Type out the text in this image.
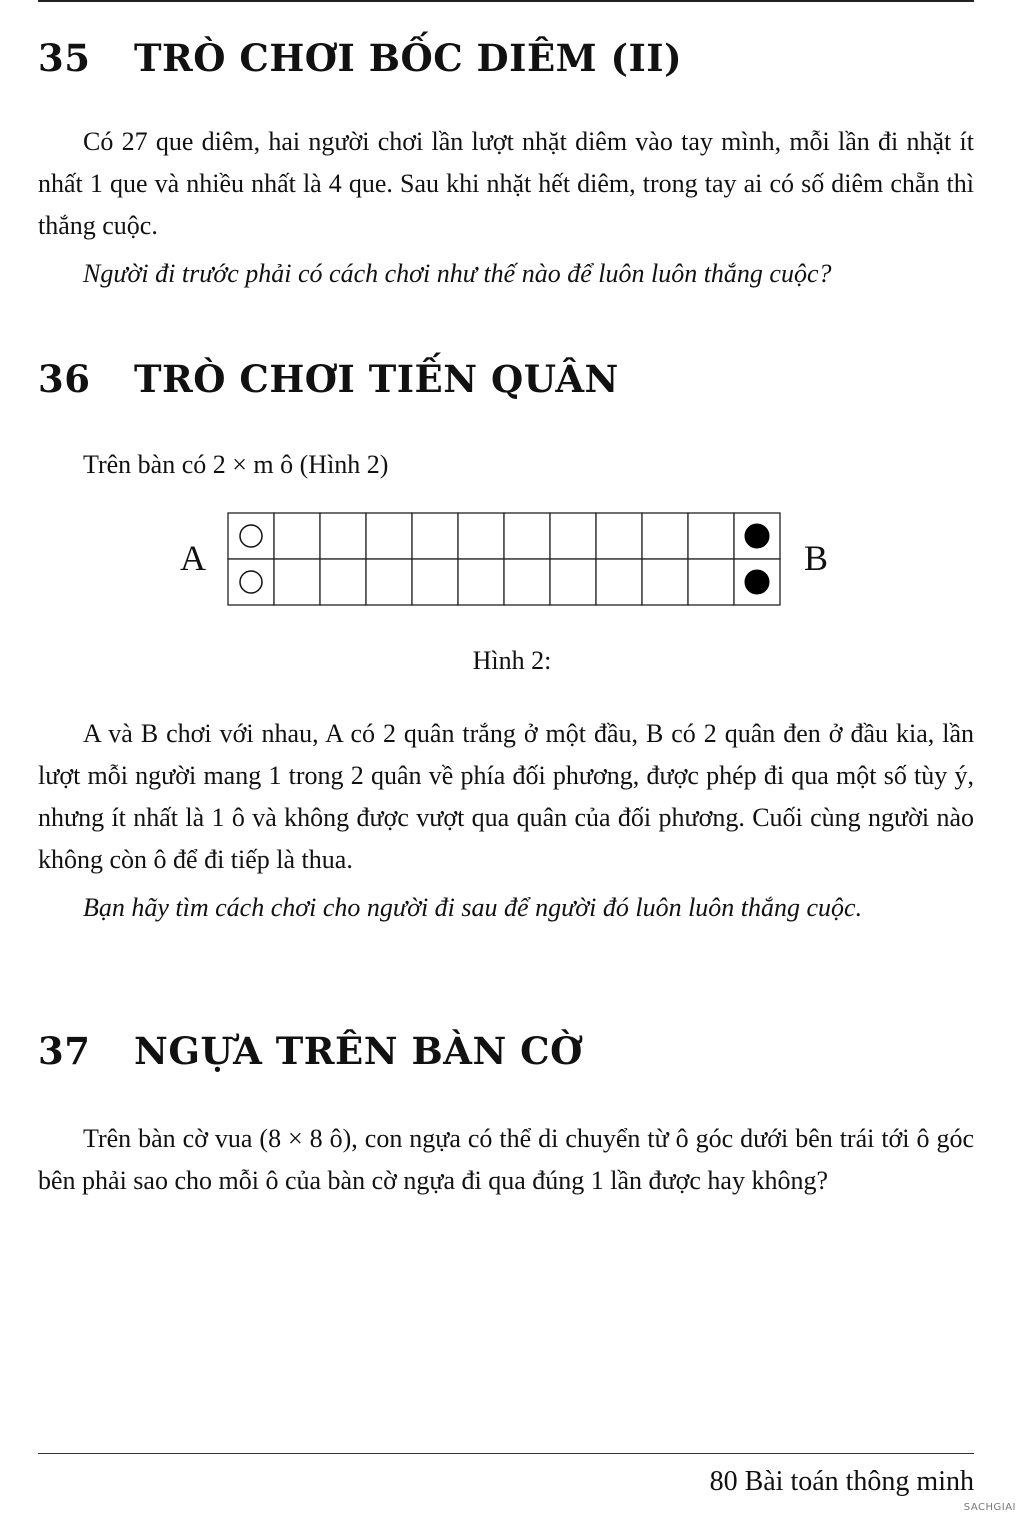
35 TRÒ CHƠI BỐC DIÊM (II)

Có 27 que diêm, hai người chơi lần lượt nhặt diêm vào tay mình, mỗi lần đi nhặt ít nhất 1 que và nhiều nhất là 4 que. Sau khi nhặt hết diêm, trong tay ai có số diêm chẵn thì thắng cuộc.

Người đi trước phải có cách chơi như thế nào để luôn luôn thắng cuộc?

36 TRÒ CHƠI TIẾN QUÂN

Trên bàn có 2 × m ô (Hình 2)

A	B

Hình 2:

A và B chơi với nhau, A có 2 quân trắng ở một đầu, B có 2 quân đen ở đầu kia, lần lượt mỗi người mang 1 trong 2 quân về phía đối phương, được phép đi qua một số tùy ý, nhưng ít nhất là 1 ô và không được vượt qua quân của đối phương. Cuối cùng người nào không còn ô để đi tiếp là thua.

Bạn hãy tìm cách chơi cho người đi sau để người đó luôn luôn thắng cuộc.

37 NGỰA TRÊN BÀN CỜ

Trên bàn cờ vua (8 × 8 ô), con ngựa có thể di chuyển từ ô góc dưới bên trái tới ô góc bên phải sao cho mỗi ô của bàn cờ ngựa đi qua đúng 1 lần được hay không?

80 Bài toán thông minh
SACHGIAI
